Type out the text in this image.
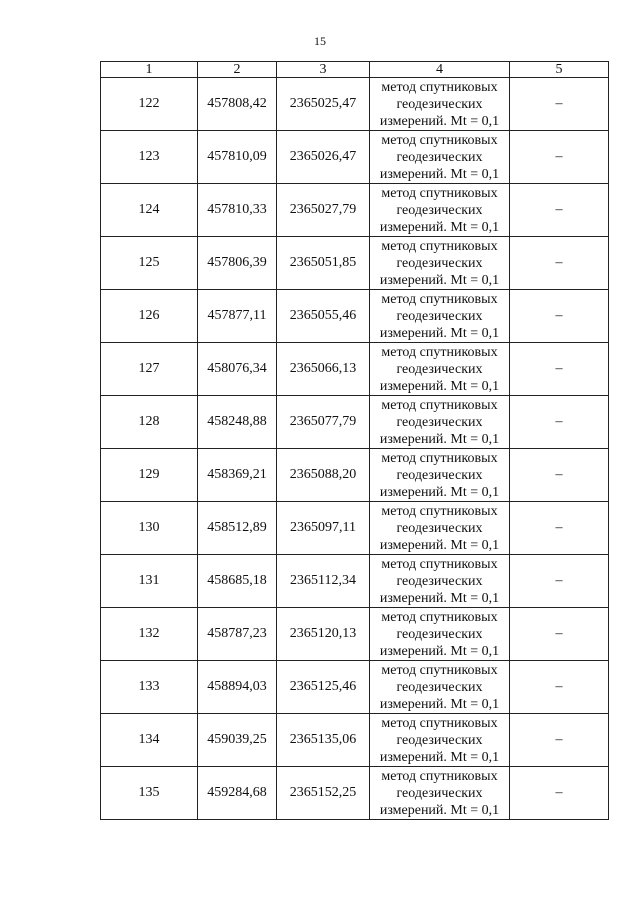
15
1	2	3	4	5
122	457808,42	2365025,47	метод спутниковых
геодезических
измерений. Mt = 0,1	–
123	457810,09	2365026,47	метод спутниковых
геодезических
измерений. Mt = 0,1	–
124	457810,33	2365027,79	метод спутниковых
геодезических
измерений. Mt = 0,1	–
125	457806,39	2365051,85	метод спутниковых
геодезических
измерений. Mt = 0,1	–
126	457877,11	2365055,46	метод спутниковых
геодезических
измерений. Mt = 0,1	–
127	458076,34	2365066,13	метод спутниковых
геодезических
измерений. Mt = 0,1	–
128	458248,88	2365077,79	метод спутниковых
геодезических
измерений. Mt = 0,1	–
129	458369,21	2365088,20	метод спутниковых
геодезических
измерений. Mt = 0,1	–
130	458512,89	2365097,11	метод спутниковых
геодезических
измерений. Mt = 0,1	–
131	458685,18	2365112,34	метод спутниковых
геодезических
измерений. Mt = 0,1	–
132	458787,23	2365120,13	метод спутниковых
геодезических
измерений. Mt = 0,1	–
133	458894,03	2365125,46	метод спутниковых
геодезических
измерений. Mt = 0,1	–
134	459039,25	2365135,06	метод спутниковых
геодезических
измерений. Mt = 0,1	–
135	459284,68	2365152,25	метод спутниковых
геодезических
измерений. Mt = 0,1	–
